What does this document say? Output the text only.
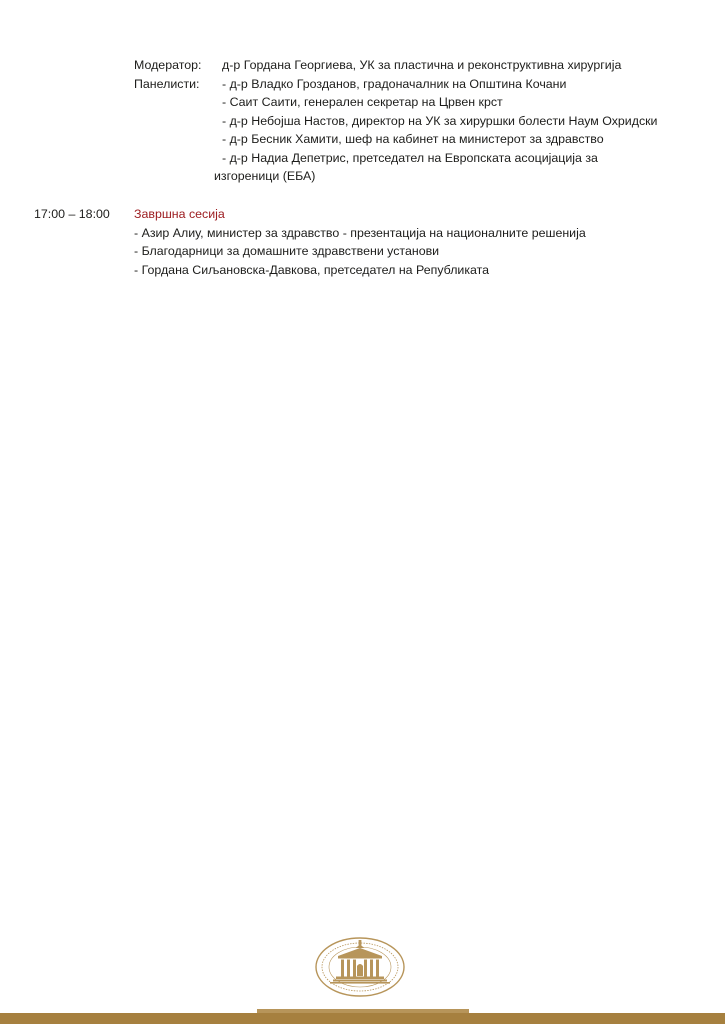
Модератор:	д-р Гордана Георгиева, УК за пластична и реконструктивна хирургија
Панелисти:	- д-р Владко Грозданов, градоначалник на Општина Кочани
- Саит Саити, генерален секретар на Црвен крст
- д-р Небојша Настов, директор на УК за хируршки болести Наум Охридски
- д-р Бесник Хамити, шеф на кабинет на министерот за здравство
- д-р Надиа Депетрис, претседател на Европската асоцијација за
изгореници (ЕБА)
17:00 – 18:00 Завршна сесија
- Азир Алиу, министер за здравство - презентација на националните решенија
- Благодарници за домашните здравствени установи
- Гордана Сиљановска-Давкова, претседател на Републиката
